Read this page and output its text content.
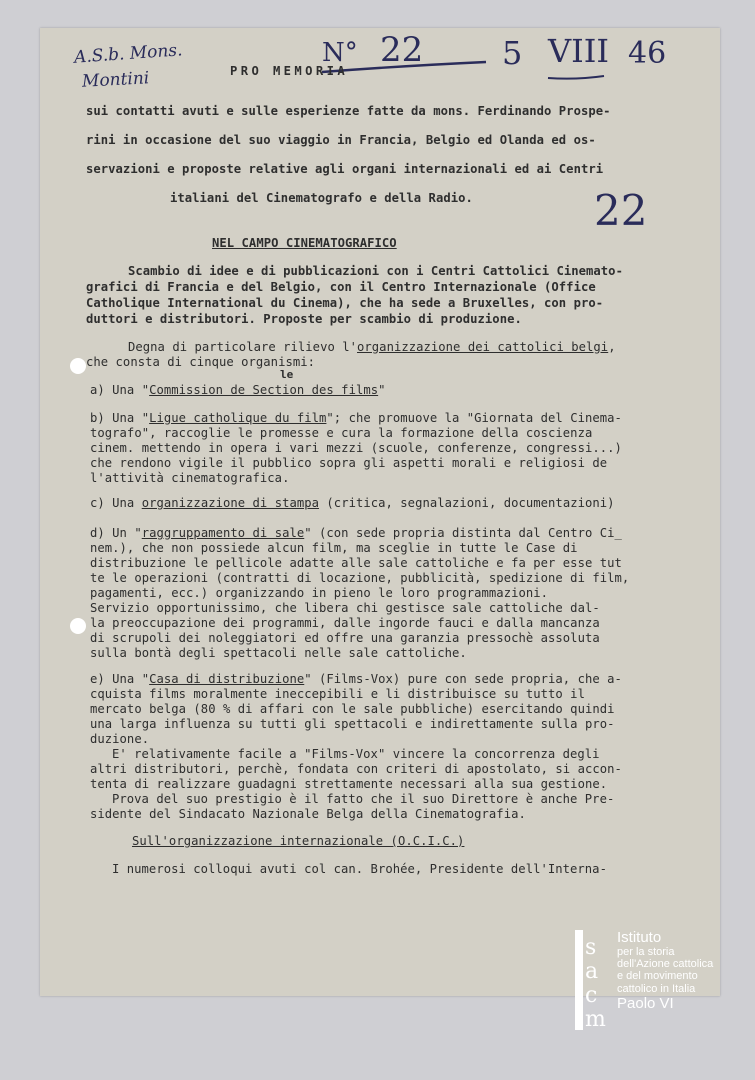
A.S.b. Mons.
Montini
N° 22 5 VIII 46
22
PRO MEMORIA
sui contatti avuti e sulle esperienze fatte da mons. Ferdinando Prospe-
rini in occasione del suo viaggio in Francia, Belgio ed Olanda ed os-
servazioni e proposte relative agli organi internazionali ed ai Centri
italiani del Cinematografo e della Radio.
NEL CAMPO CINEMATOGRAFICO
Scambio di idee e di pubblicazioni con i Centri Cattolici Cinemato-
grafici di Francia e del Belgio, con il Centro Internazionale (Office
Catholique International du Cinema), che ha sede a Bruxelles, con pro-
duttori e distributori. Proposte per scambio di produzione.
Degna di particolare rilievo l'organizzazione dei cattolici belgi,
che consta di cinque organismi:
le
a) Una "Commission de Section des films"
b) Una "Ligue catholique du film"; che promuove la "Giornata del Cinema-
tografo", raccoglie le promesse e cura la formazione della coscienza
cinem. mettendo in opera i vari mezzi (scuole, conferenze, congressi...)
che rendono vigile il pubblico sopra gli aspetti morali e religiosi de
l'attività cinematografica.
c) Una organizzazione di stampa (critica, segnalazioni, documentazioni)
d) Un "raggruppamento di sale" (con sede propria distinta dal Centro Ci_
nem.), che non possiede alcun film, ma sceglie in tutte le Case di
distribuzione le pellicole adatte alle sale cattoliche e fa per esse tut
te le operazioni (contratti di locazione, pubblicità, spedizione di film,
pagamenti, ecc.) organizzando in pieno le loro programmazioni.
Servizio opportunissimo, che libera chi gestisce sale cattoliche dal-
la preoccupazione dei programmi, dalle ingorde fauci e dalla mancanza
di scrupoli dei noleggiatori ed offre una garanzia pressochè assoluta
sulla bontà degli spettacoli nelle sale cattoliche.
e) Una "Casa di distribuzione" (Films-Vox) pure con sede propria, che a-
cquista films moralmente ineccepibili e li distribuisce su tutto il
mercato belga (80 % di affari con le sale pubbliche) esercitando quindi
una larga influenza su tutti gli spettacoli e indirettamente sulla pro-
duzione.
E' relativamente facile a "Films-Vox" vincere la concorrenza degli
altri distributori, perchè, fondata con criteri di apostolato, si accon-
tenta di realizzare guadagni strettamente necessari alla sua gestione.
Prova del suo prestigio è il fatto che il suo Direttore è anche Pre-
sidente del Sindacato Nazionale Belga della Cinematografia.
Sull'organizzazione internazionale (O.C.I.C.)
I numerosi colloqui avuti col can. Brohée, Presidente dell'Interna-
s
a
c
m
Istituto
per la storia
dell'Azione cattolica
e del movimento
cattolico in Italia
Paolo VI
